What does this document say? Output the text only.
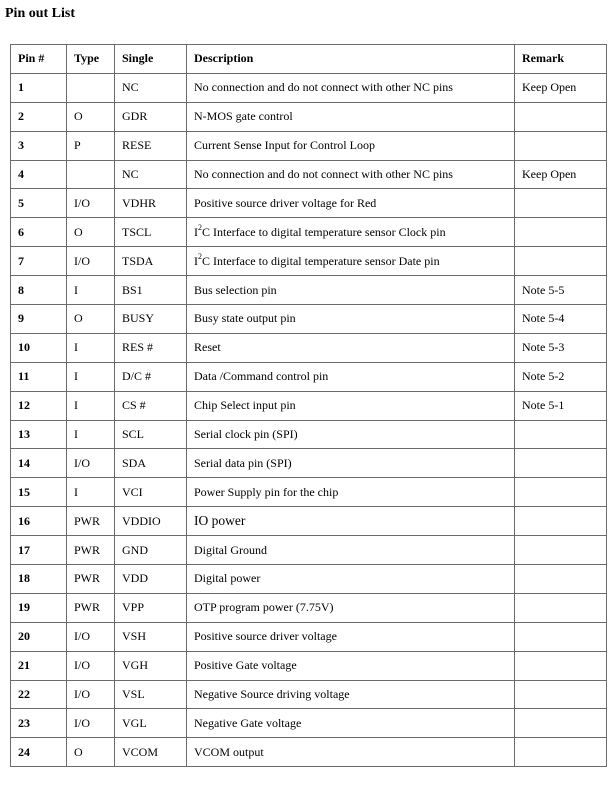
Pin out List
Pin #	Type	Single	Description	Remark
1		NC	No connection and do not connect with other NC pins	Keep Open
2	O	GDR	N-MOS gate control	
3	P	RESE	Current Sense Input for Control Loop	
4		NC	No connection and do not connect with other NC pins	Keep Open
5	I/O	VDHR	Positive source driver voltage for Red	
6	O	TSCL	$I^2C$ Interface to digital temperature sensor Clock pin	
7	I/O	TSDA	$I^2C$ Interface to digital temperature sensor Date pin	
8	I	BS1	Bus selection pin	Note 5-5
9	O	BUSY	Busy state output pin	Note 5-4
10	I	RES #	Reset	Note 5-3
11	I	D/C #	Data /Command control pin	Note 5-2
12	I	CS #	Chip Select input pin	Note 5-1
13	I	SCL	Serial clock pin (SPI)	
14	I/O	SDA	Serial data pin (SPI)	
15	I	VCI	Power Supply pin for the chip	
16	PWR	VDDIO	IO power	
17	PWR	GND	Digital Ground	
18	PWR	VDD	Digital power	
19	PWR	VPP	OTP program power (7.75V)	
20	I/O	VSH	Positive source driver voltage	
21	I/O	VGH	Positive Gate voltage	
22	I/O	VSL	Negative Source driving voltage	
23	I/O	VGL	Negative Gate voltage	
24	O	VCOM	VCOM output	
